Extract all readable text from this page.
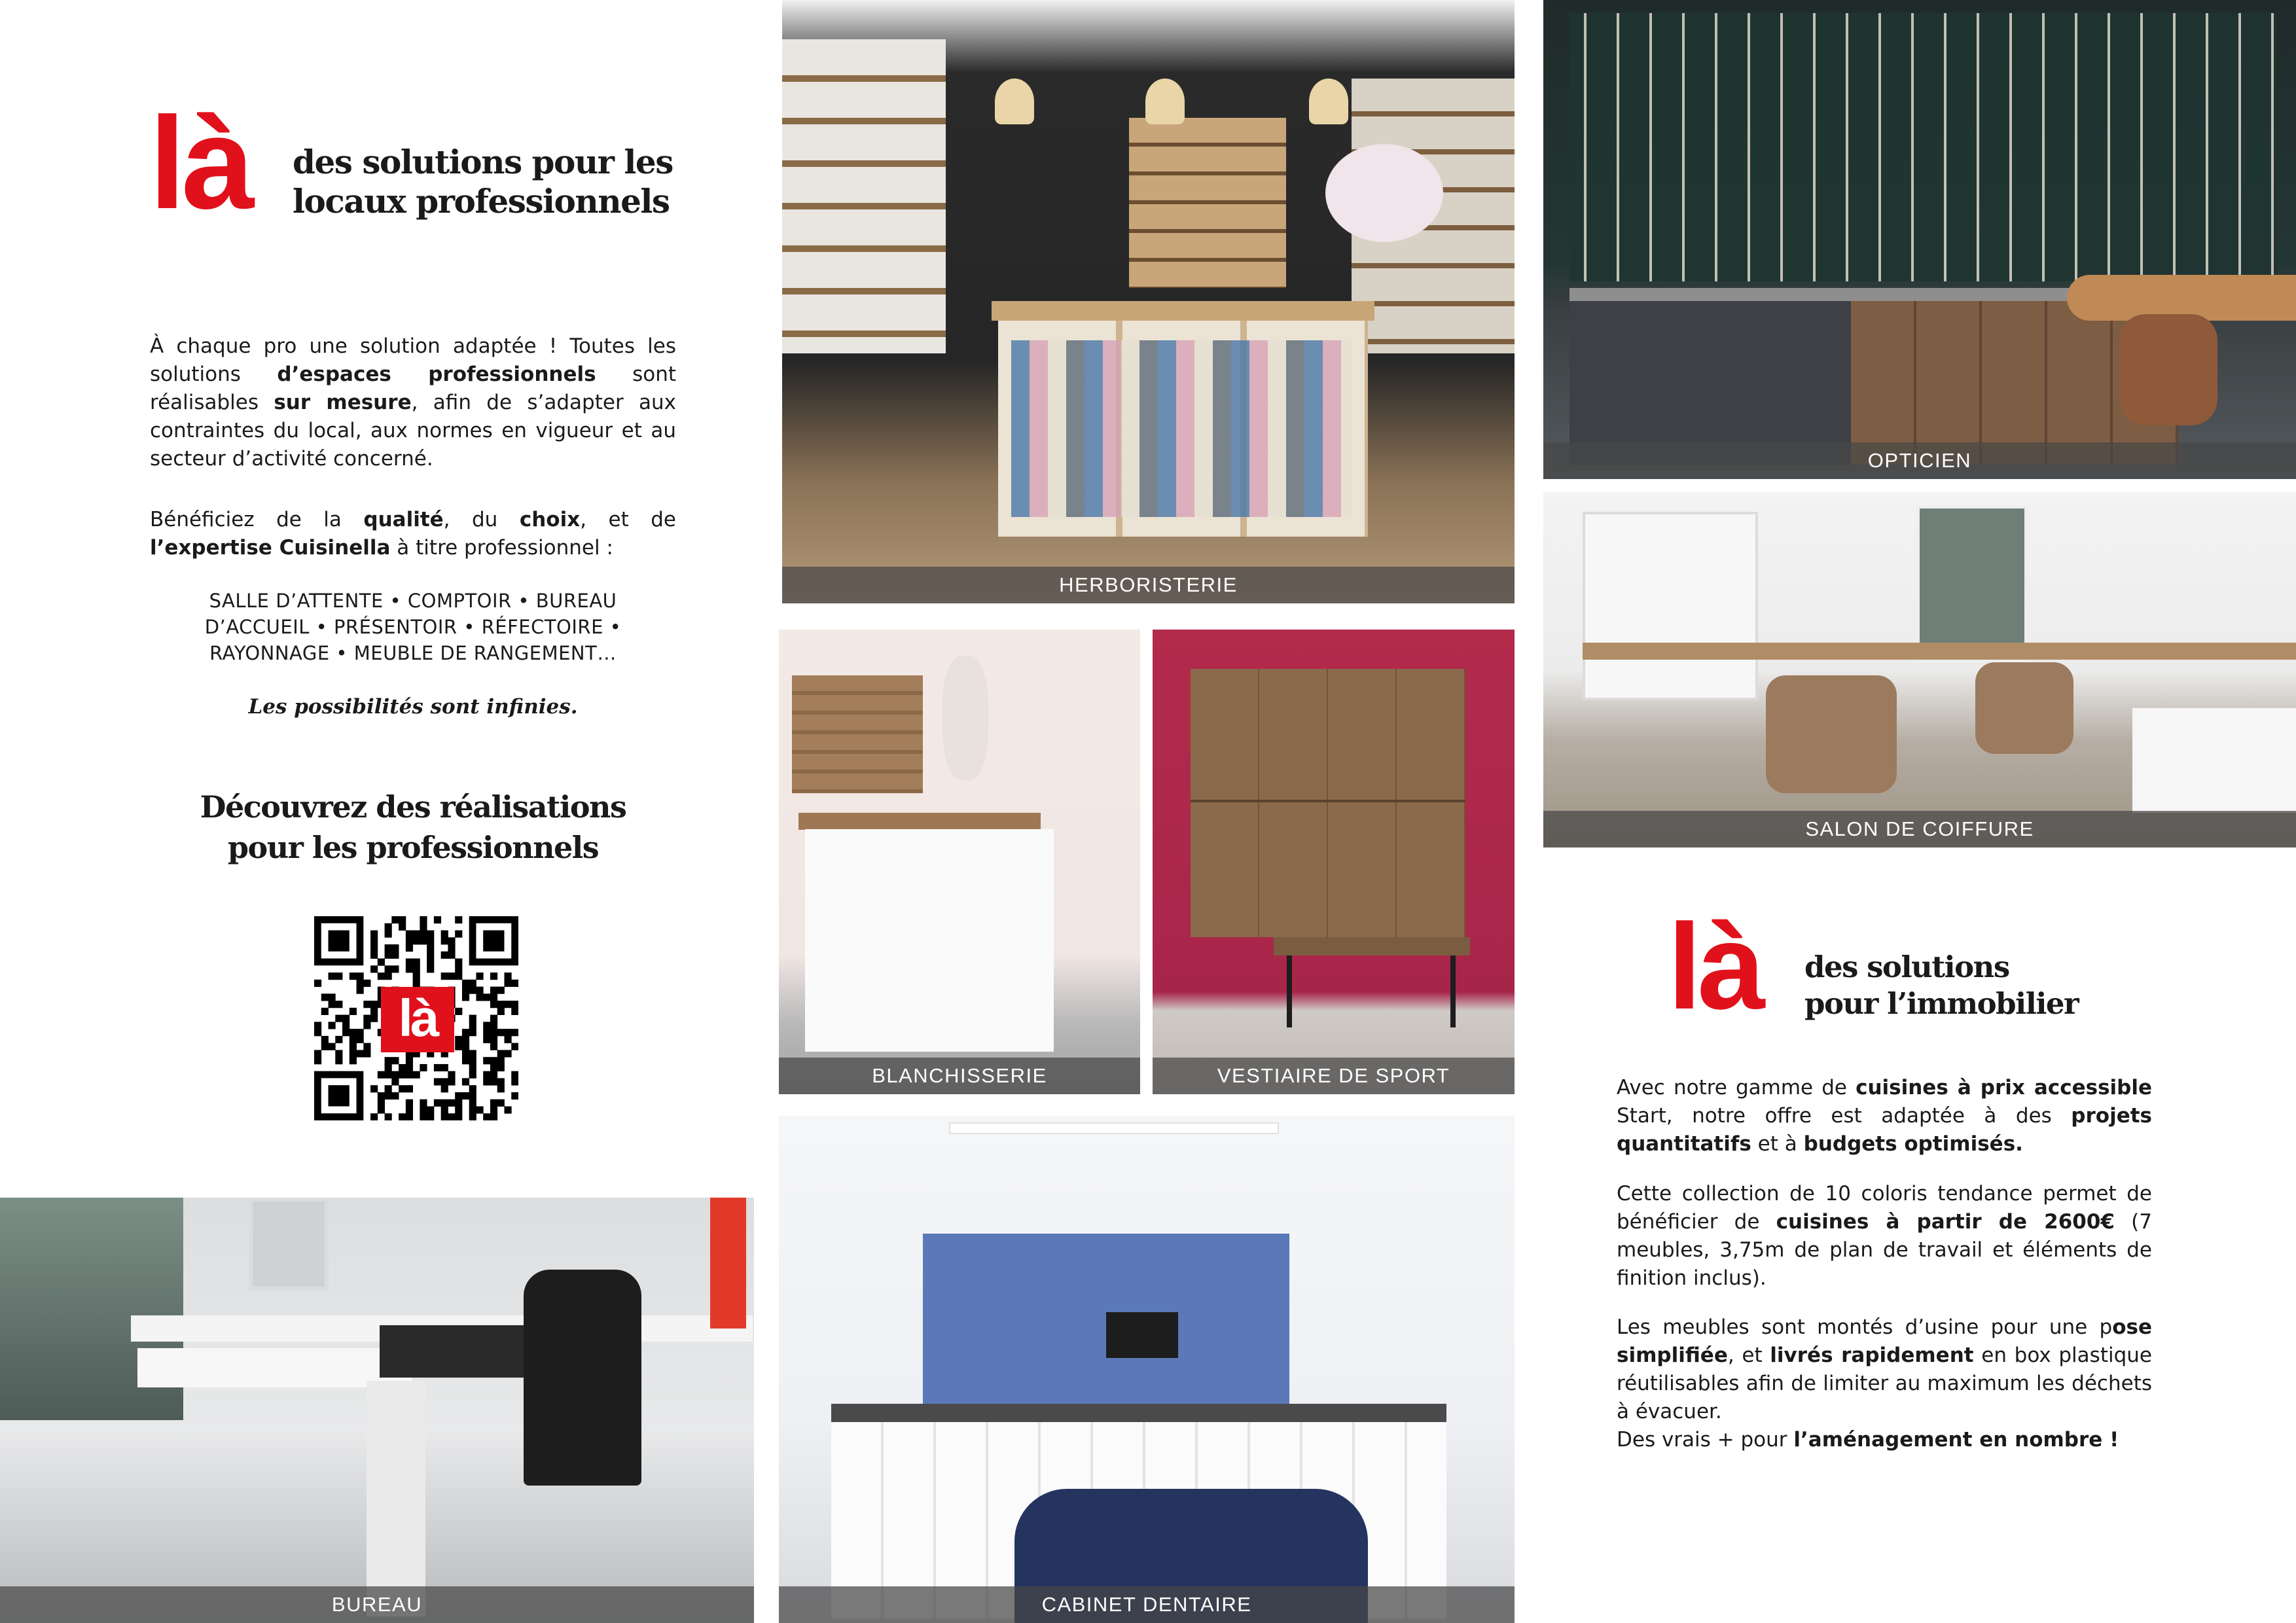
là des solutions pour les
locaux professionnels

À chaque pro une solution adaptée ! Toutes les solutions d’espaces professionnels sont réalisables sur mesure, afin de s’adapter aux contraintes du local, aux normes en vigueur et au secteur d’activité concerné.

Bénéficiez de la qualité, du choix, et de l’expertise Cuisinella à titre professionnel :

SALLE D’ATTENTE • COMPTOIR • BUREAU
D’ACCUEIL • PRÉSENTOIR • RÉFECTOIRE •
RAYONNAGE • MEUBLE DE RANGEMENT…
Les possibilités sont infinies.
Découvrez des réalisations
pour les professionnels
là
BUREAU
HERBORISTERIE
BLANCHISSERIE	VESTIAIRE DE SPORT
CABINET DENTAIRE
OPTICIEN
SALON DE COIFFURE
là des solutions
pour l’immobilier

Avec notre gamme de cuisines à prix accessible Start, notre offre est adaptée à des projets quantitatifs et à budgets optimisés.

Cette collection de 10 coloris tendance permet de bénéficier de cuisines à partir de 2600€ (7 meubles, 3,75m de plan de travail et éléments de finition inclus).

Les meubles sont montés d’usine pour une pose simplifiée, et livrés rapidement en box plastique réutilisables afin de limiter au maximum les déchets à évacuer.

Des vrais + pour l’aménagement en nombre !
